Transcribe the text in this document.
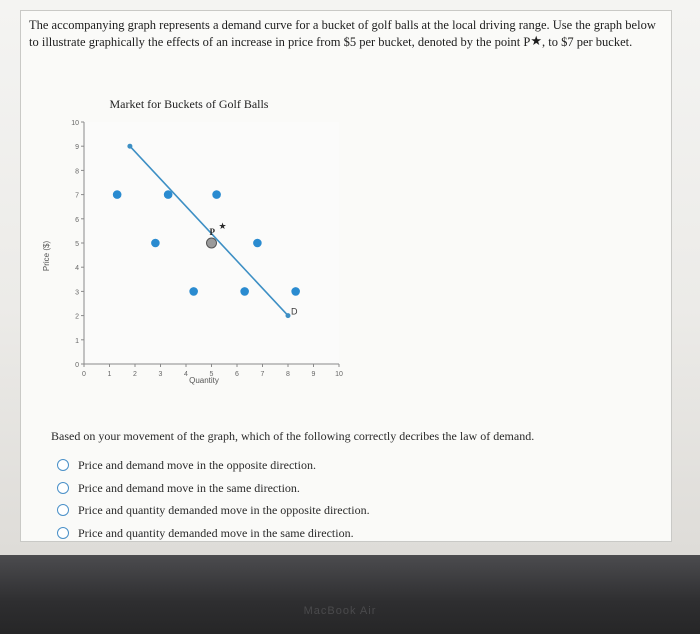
The accompanying graph represents a demand curve for a bucket of golf balls at the local driving range. Use the graph below to illustrate graphically the effects of an increase in price from $5 per bucket, denoted by the point P★, to $7 per bucket.
0
1
2
3
4
5
6
7
8
9
10
0	1	2	3	4	5	6	7	8	9	10
D
P ★
Market for Buckets of Golf Balls
Quantity
Price ($)
Based on your movement of the graph, which of the following correctly decribes the law of demand.
Price and demand move in the opposite direction.
Price and demand move in the same direction.
Price and quantity demanded move in the opposite direction.
Price and quantity demanded move in the same direction.
MacBook Air
